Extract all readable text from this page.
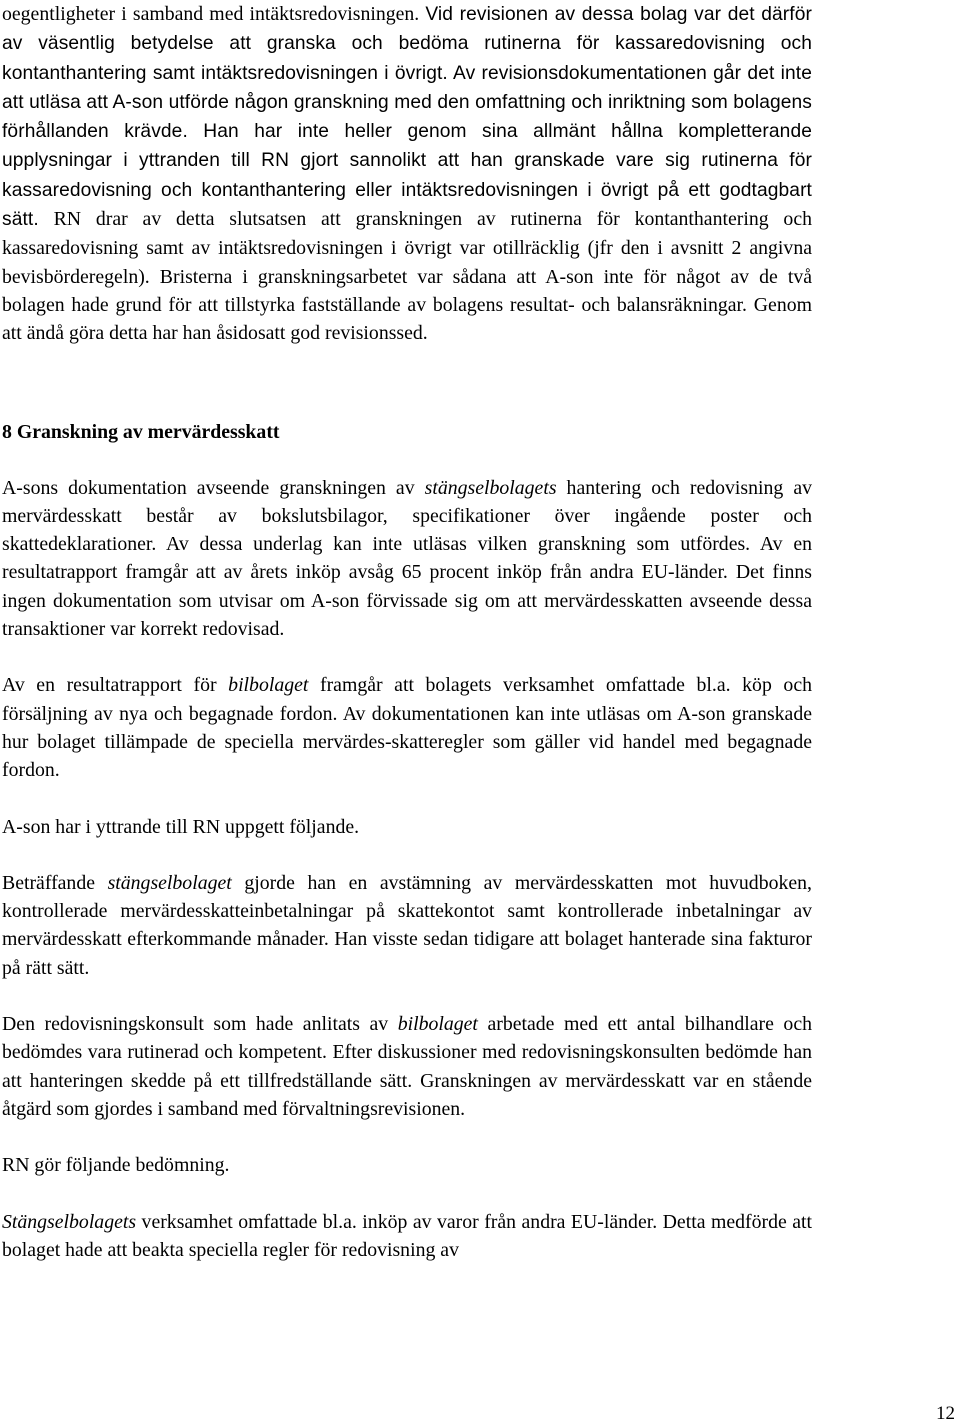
oegentligheter i samband med intäktsredovisningen. Vid revisionen av dessa bolag var det därför av väsentlig betydelse att granska och bedöma rutinerna för kassaredovisning och kontanthantering samt intäktsredovisningen i övrigt. Av revisionsdokumentationen går det inte att utläsa att A-son utförde någon granskning med den omfattning och inriktning som bolagens förhållanden krävde. Han har inte heller genom sina allmänt hållna kompletterande upplysningar i yttranden till RN gjort sannolikt att han granskade vare sig rutinerna för kassaredovisning och kontanthantering eller intäktsredovisningen i övrigt på ett godtagbart sätt. RN drar av detta slutsatsen att granskningen av rutinerna för kontanthantering och kassaredovisning samt av intäktsredovisningen i övrigt var otillräcklig (jfr den i avsnitt 2 angivna bevisbörderegeln). Bristerna i granskningsarbetet var sådana att A-son inte för något av de två bolagen hade grund för att tillstyrka fastställande av bolagens resultat- och balansräkningar. Genom att ändå göra detta har han åsidosatt god revisionssed.

8 Granskning av mervärdesskatt

A-sons dokumentation avseende granskningen av stängselbolagets hantering och redovisning av mervärdesskatt består av bokslutsbilagor, specifikationer över ingående poster och skattedeklarationer. Av dessa underlag kan inte utläsas vilken granskning som utfördes. Av en resultatrapport framgår att av årets inköp avsåg 65 procent inköp från andra EU-länder. Det finns ingen dokumentation som utvisar om A-son förvissade sig om att mervärdesskatten avseende dessa transaktioner var korrekt redovisad.

Av en resultatrapport för bilbolaget framgår att bolagets verksamhet omfattade bl.a. köp och försäljning av nya och begagnade fordon. Av dokumentationen kan inte utläsas om A-son granskade hur bolaget tillämpade de speciella mervärdes-skatteregler som gäller vid handel med begagnade fordon.

A-son har i yttrande till RN uppgett följande.

Beträffande stängselbolaget gjorde han en avstämning av mervärdesskatten mot huvudboken, kontrollerade mervärdesskatteinbetalningar på skattekontot samt kontrollerade inbetalningar av mervärdesskatt efterkommande månader. Han visste sedan tidigare att bolaget hanterade sina fakturor på rätt sätt.

Den redovisningskonsult som hade anlitats av bilbolaget arbetade med ett antal bilhandlare och bedömdes vara rutinerad och kompetent. Efter diskussioner med redovisningskonsulten bedömde han att hanteringen skedde på ett tillfredställande sätt. Granskningen av mervärdesskatt var en stående åtgärd som gjordes i samband med förvaltningsrevisionen.

RN gör följande bedömning.

Stängselbolagets verksamhet omfattade bl.a. inköp av varor från andra EU-länder. Detta medförde att bolaget hade att beakta speciella regler för redovisning av

12
